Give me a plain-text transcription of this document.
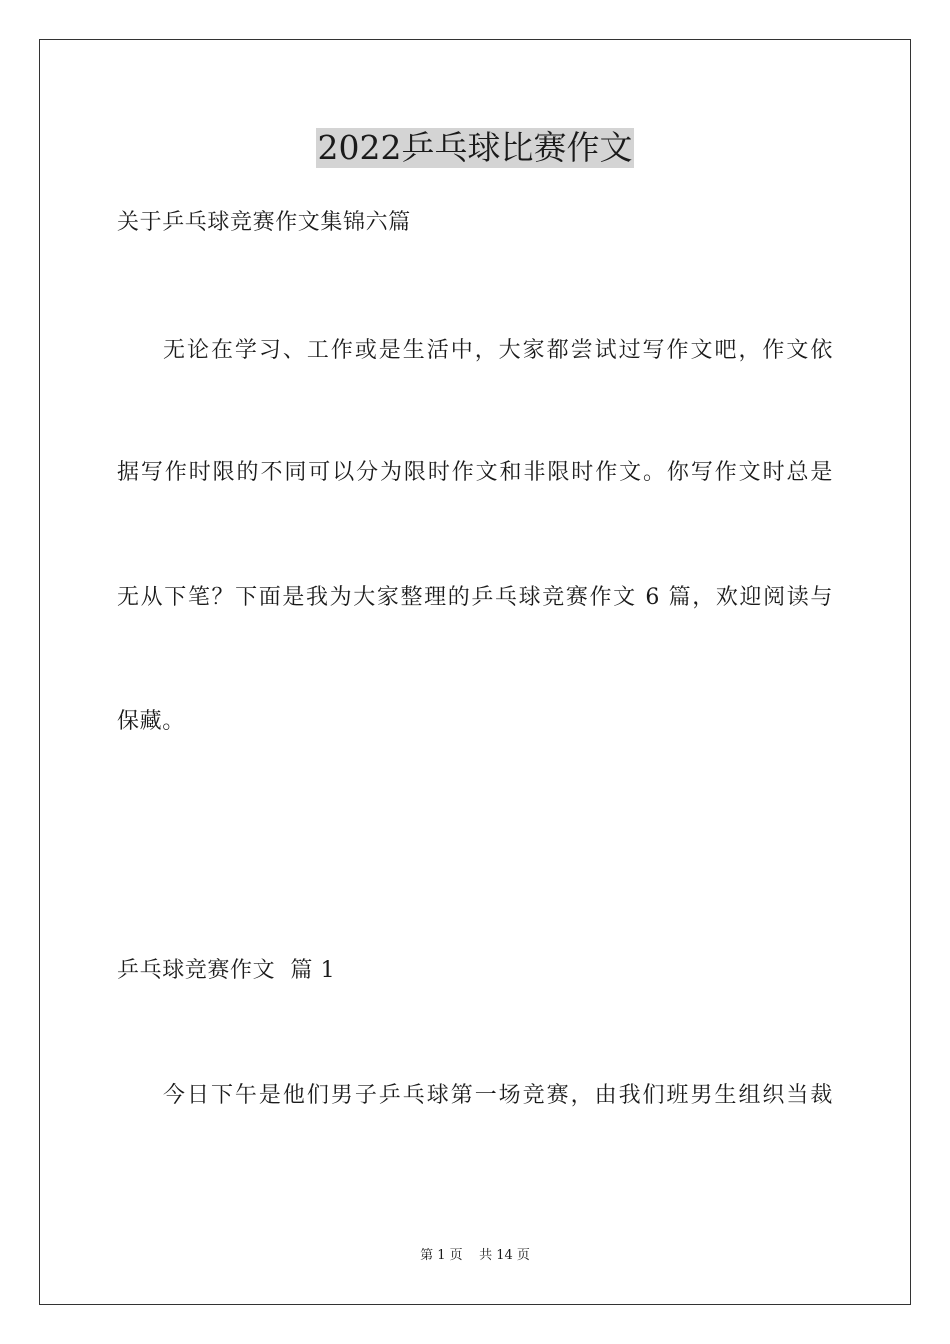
2022乒乓球比赛作文
关于乒乓球竞赛作文集锦六篇
无论在学习、工作或是生活中，大家都尝试过写作文吧，作文依
据写作时限的不同可以分为限时作文和非限时作文。你写作文时总是
无从下笔？下面是我为大家整理的乒乓球竞赛作文 6 篇，欢迎阅读与
保藏。
乒乓球竞赛作文  篇 1
今日下午是他们男子乒乓球第一场竞赛，由我们班男生组织当裁
第 1 页    共 14 页
